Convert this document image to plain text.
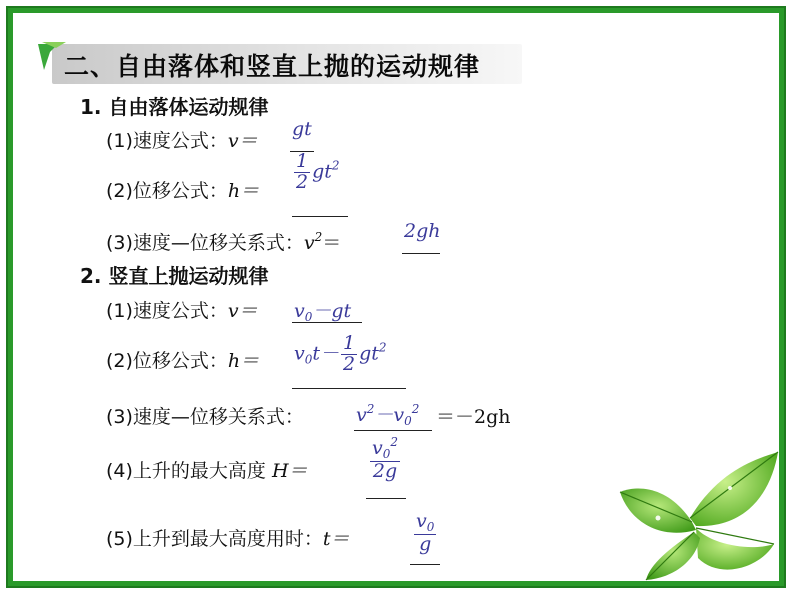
二、自由落体和竖直上抛的运动规律
1. 自由落体运动规律
(1)速度公式：v＝
gt
(2)位移公式：$h= \frac{1}{2} gt^2$
(3)速度—位移关系式：$v^2=$
2gh
2. 竖直上抛运动规律
(1)速度公式：$v= v_0-gt$
(2)位移公式：$h= v_0t- \frac{1}{2} gt^2$
(3)速度—位移关系式：	$v^2-v_0^2 =-2gh$
(4)上升的最大高度 H＝	$\frac{v_0^2}{2g}$
(5)上升到最大高度用时：t＝	$\frac{v_0}{g}$
